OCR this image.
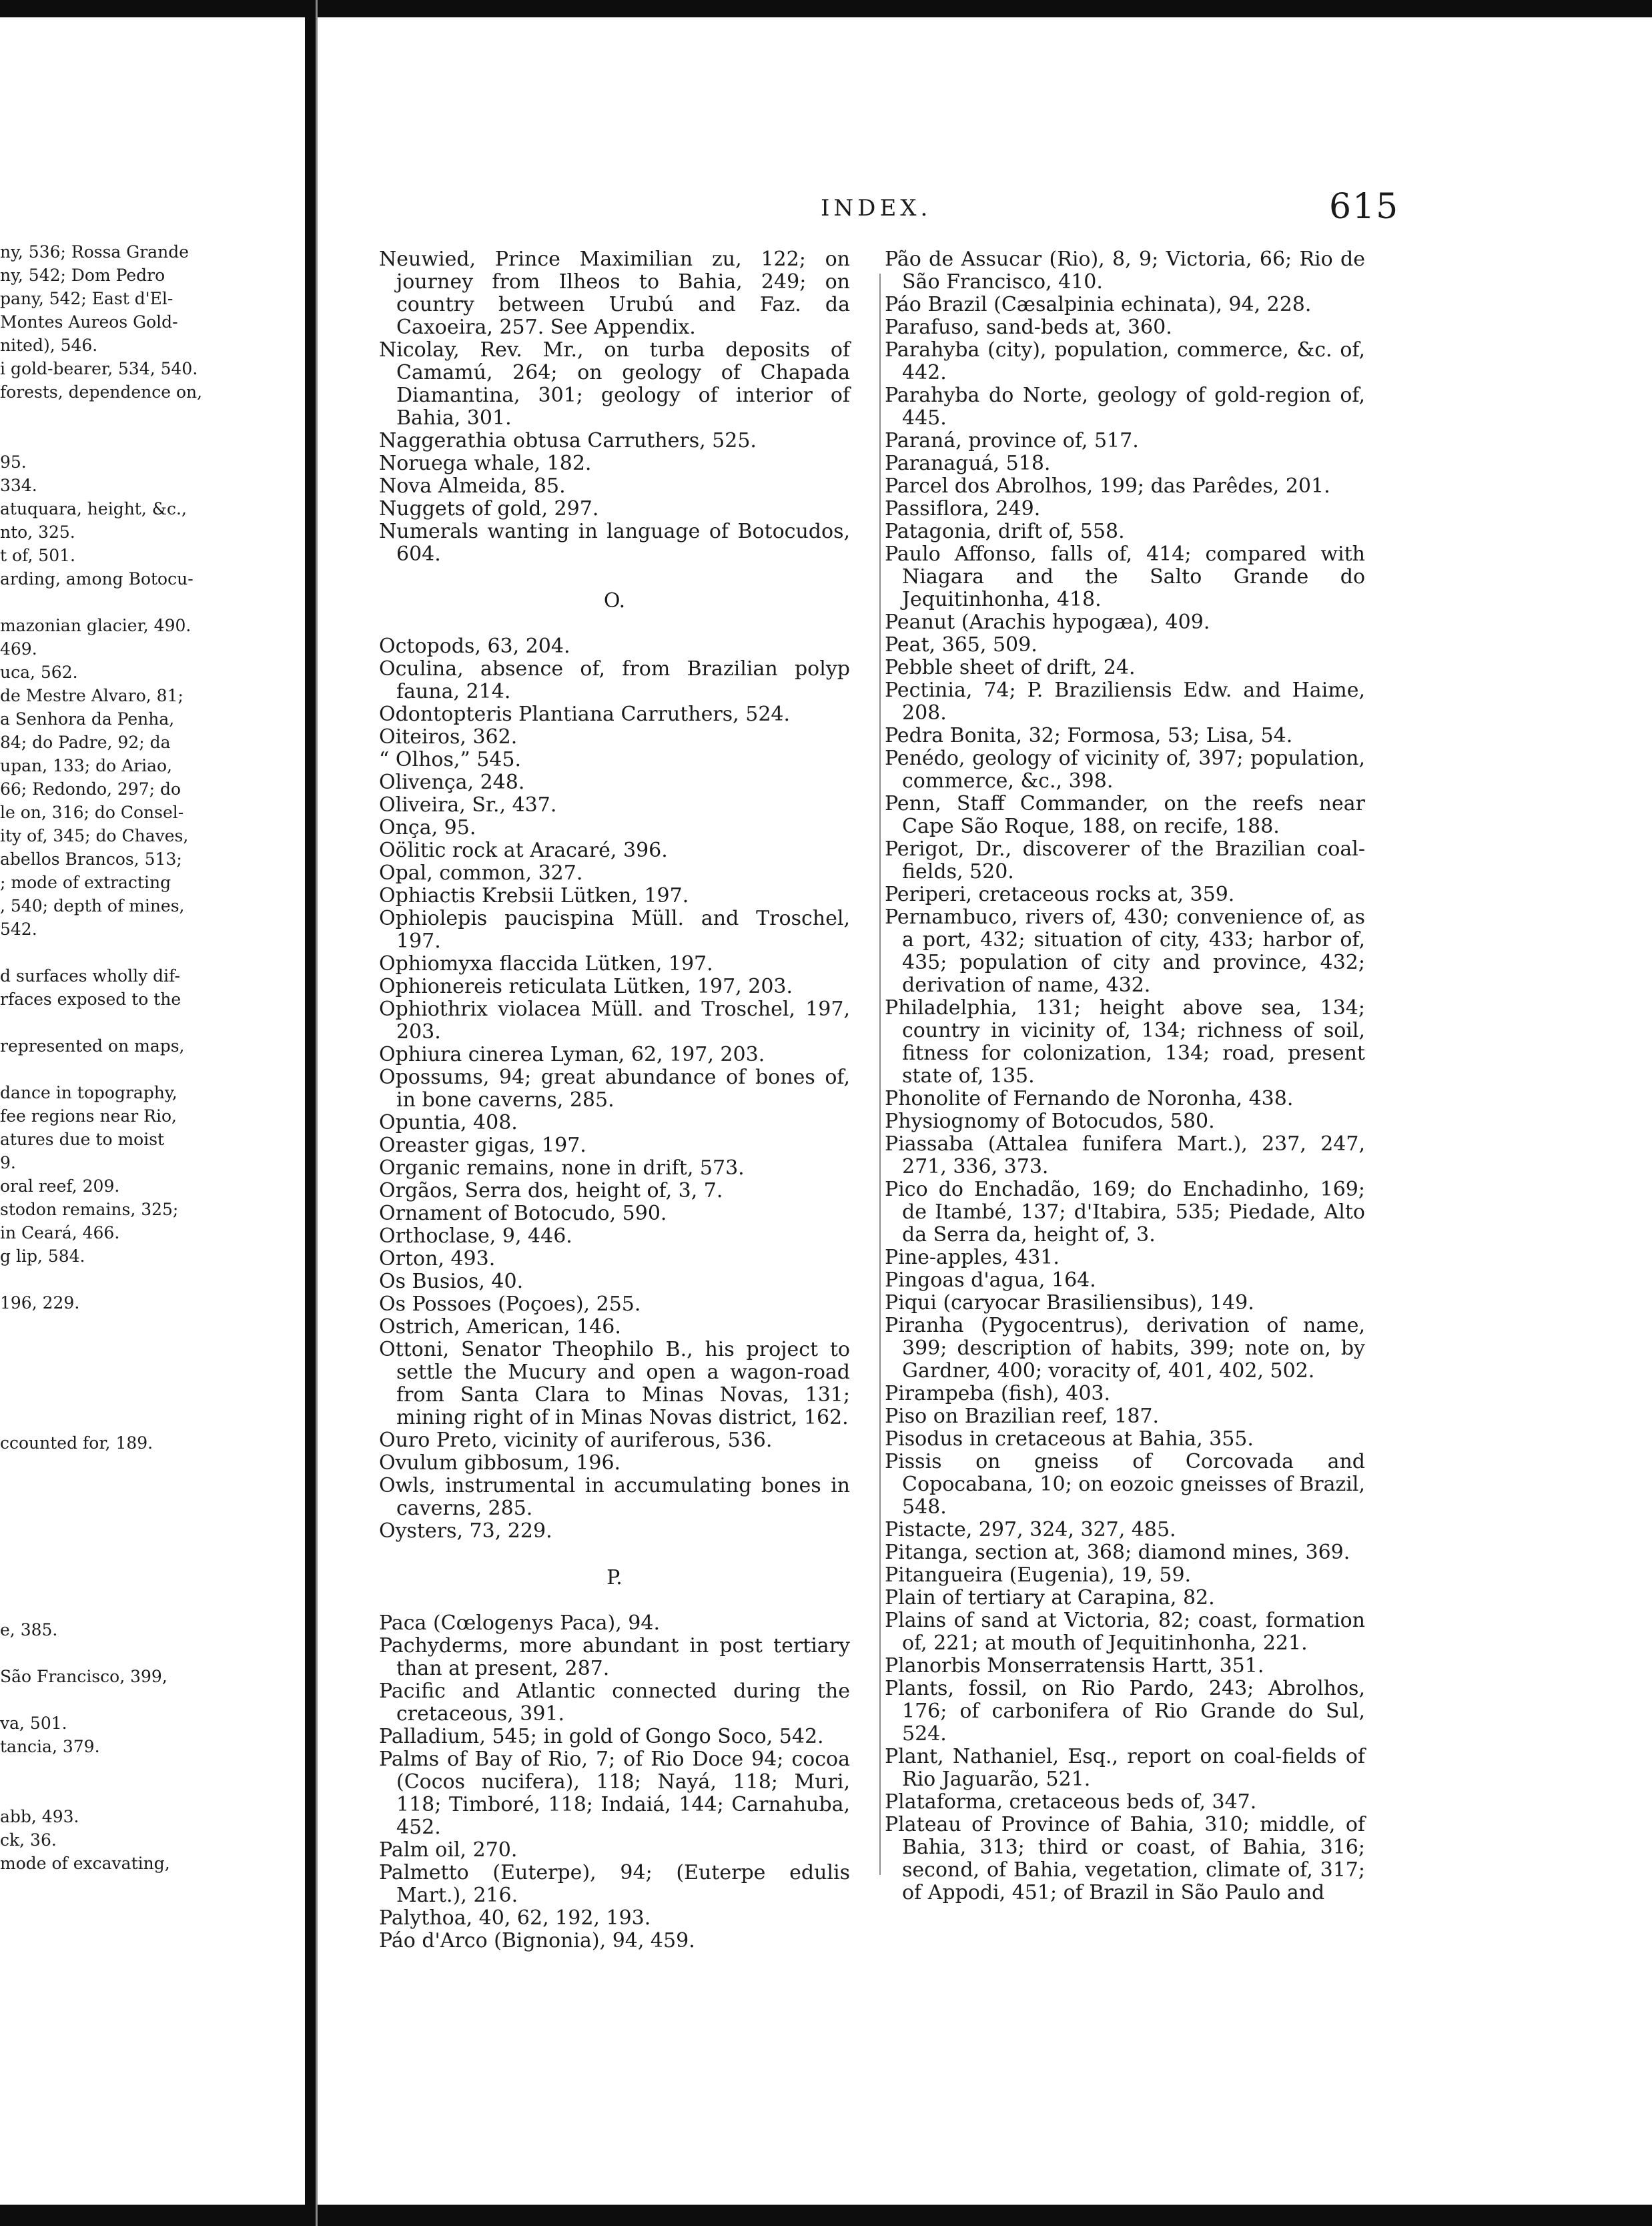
ny, 536; Rossa Grande
ny, 542; Dom Pedro
pany, 542; East d'El-
Montes Aureos Gold-
nited), 546.
i gold-bearer, 534, 540.
forests, dependence on,
95.
334.
atuquara, height, &c.,
nto, 325.
t of, 501.
arding, among Botocu-
mazonian glacier, 490.
469.
uca, 562.
de Mestre Alvaro, 81;
a Senhora da Penha,
84; do Padre, 92; da
upan, 133; do Ariao,
66; Redondo, 297; do
le on, 316; do Consel-
ity of, 345; do Chaves,
abellos Brancos, 513;
; mode of extracting
, 540; depth of mines,
542.
d surfaces wholly dif-
rfaces exposed to the
represented on maps,
dance in topography,
fee regions near Rio,
atures due to moist
9.
oral reef, 209.
stodon remains, 325;
in Ceará, 466.
g lip, 584.
196, 229.
ccounted for, 189.
e, 385.
São Francisco, 399,
va, 501.
tancia, 379.
abb, 493.
ck, 36.
mode of excavating,
INDEX.	615
Neuwied, Prince Maximilian zu, 122; on journey from Ilheos to Bahia, 249; on country between Urubú and Faz. da Caxoeira, 257. See Appendix.
Nicolay, Rev. Mr., on turba deposits of Camamú, 264; on geology of Chapada Diamantina, 301; geology of interior of Bahia, 301.
Naggerathia obtusa Carruthers, 525.
Noruega whale, 182.
Nova Almeida, 85.
Nuggets of gold, 297.
Numerals wanting in language of Botocudos, 604.
O.
Octopods, 63, 204.
Oculina, absence of, from Brazilian polyp fauna, 214.
Odontopteris Plantiana Carruthers, 524.
Oiteiros, 362.
“ Olhos,” 545.
Olivença, 248.
Oliveira, Sr., 437.
Onça, 95.
Oölitic rock at Aracaré, 396.
Opal, common, 327.
Ophiactis Krebsii Lütken, 197.
Ophiolepis paucispina Müll. and Troschel, 197.
Ophiomyxa flaccida Lütken, 197.
Ophionereis reticulata Lütken, 197, 203.
Ophiothrix violacea Müll. and Troschel, 197, 203.
Ophiura cinerea Lyman, 62, 197, 203.
Opossums, 94; great abundance of bones of, in bone caverns, 285.
Opuntia, 408.
Oreaster gigas, 197.
Organic remains, none in drift, 573.
Orgãos, Serra dos, height of, 3, 7.
Ornament of Botocudo, 590.
Orthoclase, 9, 446.
Orton, 493.
Os Busios, 40.
Os Possoes (Poçoes), 255.
Ostrich, American, 146.
Ottoni, Senator Theophilo B., his project to settle the Mucury and open a wagon-road from Santa Clara to Minas Novas, 131; mining right of in Minas Novas district, 162.
Ouro Preto, vicinity of auriferous, 536.
Ovulum gibbosum, 196.
Owls, instrumental in accumulating bones in caverns, 285.
Oysters, 73, 229.
P.
Paca (Cœlogenys Paca), 94.
Pachyderms, more abundant in post tertiary than at present, 287.
Pacific and Atlantic connected during the cretaceous, 391.
Palladium, 545; in gold of Gongo Soco, 542.
Palms of Bay of Rio, 7; of Rio Doce 94; cocoa (Cocos nucifera), 118; Nayá, 118; Muri, 118; Timboré, 118; Indaiá, 144; Carnahuba, 452.
Palm oil, 270.
Palmetto (Euterpe), 94; (Euterpe edulis Mart.), 216.
Palythoa, 40, 62, 192, 193.
Páo d'Arco (Bignonia), 94, 459.
Pão de Assucar (Rio), 8, 9; Victoria, 66; Rio de São Francisco, 410.
Páo Brazil (Cæsalpinia echinata), 94, 228.
Parafuso, sand-beds at, 360.
Parahyba (city), population, commerce, &c. of, 442.
Parahyba do Norte, geology of gold-region of, 445.
Paraná, province of, 517.
Paranaguá, 518.
Parcel dos Abrolhos, 199; das Parêdes, 201.
Passiflora, 249.
Patagonia, drift of, 558.
Paulo Affonso, falls of, 414; compared with Niagara and the Salto Grande do Jequitinhonha, 418.
Peanut (Arachis hypogæa), 409.
Peat, 365, 509.
Pebble sheet of drift, 24.
Pectinia, 74; P. Braziliensis Edw. and Haime, 208.
Pedra Bonita, 32; Formosa, 53; Lisa, 54.
Penédo, geology of vicinity of, 397; population, commerce, &c., 398.
Penn, Staff Commander, on the reefs near Cape São Roque, 188, on recife, 188.
Perigot, Dr., discoverer of the Brazilian coal-fields, 520.
Periperi, cretaceous rocks at, 359.
Pernambuco, rivers of, 430; convenience of, as a port, 432; situation of city, 433; harbor of, 435; population of city and province, 432; derivation of name, 432.
Philadelphia, 131; height above sea, 134; country in vicinity of, 134; richness of soil, fitness for colonization, 134; road, present state of, 135.
Phonolite of Fernando de Noronha, 438.
Physiognomy of Botocudos, 580.
Piassaba (Attalea funifera Mart.), 237, 247, 271, 336, 373.
Pico do Enchadão, 169; do Enchadinho, 169; de Itambé, 137; d'Itabira, 535; Piedade, Alto da Serra da, height of, 3.
Pine-apples, 431.
Pingoas d'agua, 164.
Piqui (caryocar Brasiliensibus), 149.
Piranha (Pygocentrus), derivation of name, 399; description of habits, 399; note on, by Gardner, 400; voracity of, 401, 402, 502.
Pirampeba (fish), 403.
Piso on Brazilian reef, 187.
Pisodus in cretaceous at Bahia, 355.
Pissis on gneiss of Corcovada and Copocabana, 10; on eozoic gneisses of Brazil, 548.
Pistacte, 297, 324, 327, 485.
Pitanga, section at, 368; diamond mines, 369.
Pitangueira (Eugenia), 19, 59.
Plain of tertiary at Carapina, 82.
Plains of sand at Victoria, 82; coast, formation of, 221; at mouth of Jequitinhonha, 221.
Planorbis Monserratensis Hartt, 351.
Plants, fossil, on Rio Pardo, 243; Abrolhos, 176; of carbonifera of Rio Grande do Sul, 524.
Plant, Nathaniel, Esq., report on coal-fields of Rio Jaguarão, 521.
Plataforma, cretaceous beds of, 347.
Plateau of Province of Bahia, 310; middle, of Bahia, 313; third or coast, of Bahia, 316; second, of Bahia, vegetation, climate of, 317; of Appodi, 451; of Brazil in São Paulo and
